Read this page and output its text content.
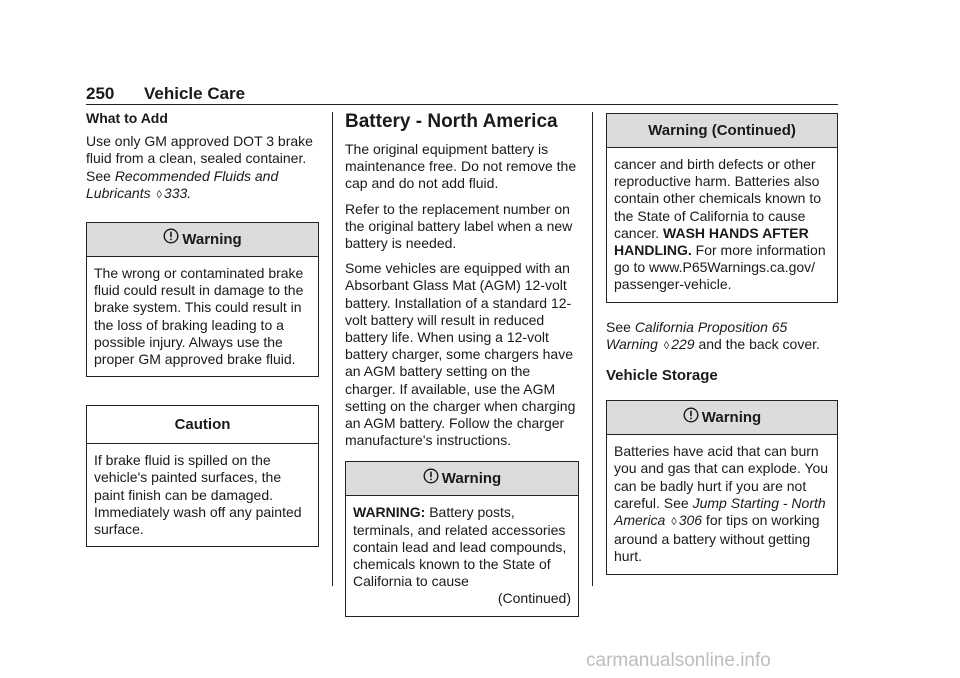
250	Vehicle Care
What to Add

Use only GM approved DOT 3 brake fluid from a clean, sealed container. See Recommended Fluids and Lubricants ◊ 333.

Warning
The wrong or contaminated brake fluid could result in damage to the brake system. This could result in the loss of braking leading to a possible injury. Always use the proper GM approved brake fluid.
Caution
If brake fluid is spilled on the vehicle's painted surfaces, the paint finish can be damaged. Immediately wash off any painted surface.
Battery - North America

The original equipment battery is maintenance free. Do not remove the cap and do not add fluid.

Refer to the replacement number on the original battery label when a new battery is needed.

Some vehicles are equipped with an Absorbant Glass Mat (AGM) 12-volt battery. Installation of a standard 12-volt battery will result in reduced battery life. When using a 12-volt battery charger, some chargers have an AGM battery setting on the charger. If available, use the AGM setting on the charger when charging an AGM battery. Follow the charger manufacture's instructions.

Warning
WARNING: Battery posts, terminals, and related accessories contain lead and lead compounds, chemicals known to the State of California to cause
(Continued)
Warning (Continued)
cancer and birth defects or other reproductive harm. Batteries also contain other chemicals known to the State of California to cause cancer. WASH HANDS AFTER HANDLING. For more information go to www.P65Warnings.ca.gov/ passenger-vehicle.

See California Proposition 65 Warning ◊ 229 and the back cover.

Vehicle Storage
Warning
Batteries have acid that can burn you and gas that can explode. You can be badly hurt if you are not careful. See Jump Starting - North America ◊ 306 for tips on working around a battery without getting hurt.
carmanualsonline.info
